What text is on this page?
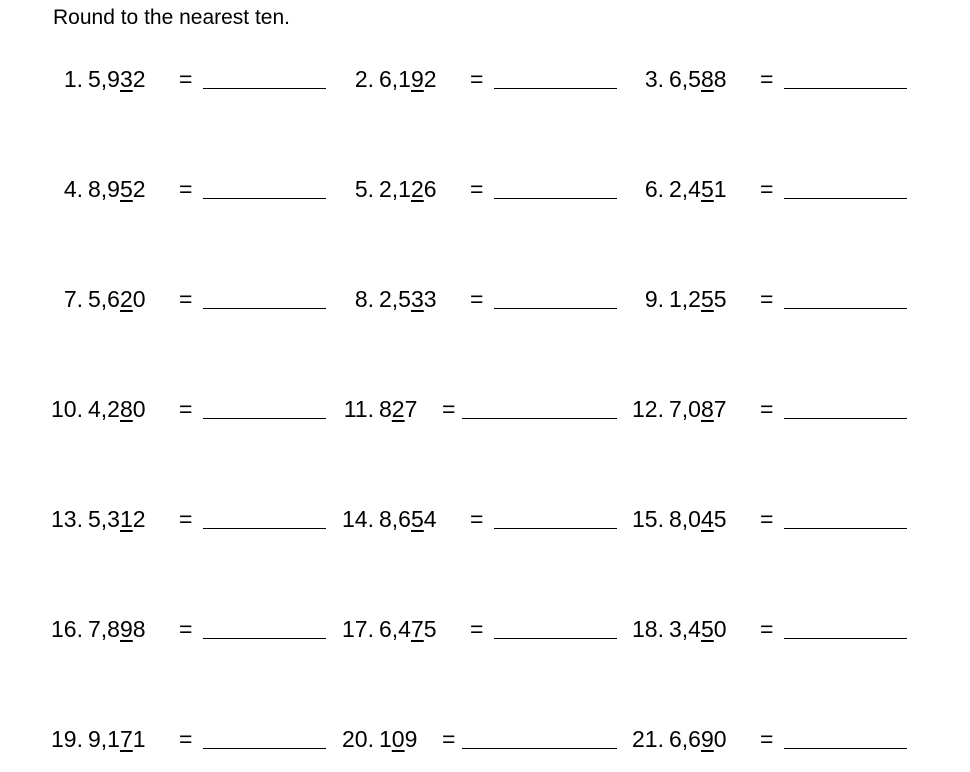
Round to the nearest ten.
1. 5,932 =	2. 6,192 =	3. 6,588 =
4. 8,952 =	5. 2,126 =	6. 2,451 =
7. 5,620 =	8. 2,533 =	9. 1,255 =
10. 4,280 =	11. 827 =	12. 7,087 =
13. 5,312 =	14. 8,654 =	15. 8,045 =
16. 7,898 =	17. 6,475 =	18. 3,450 =
19. 9,171 =	20. 109 =	21. 6,690 =
